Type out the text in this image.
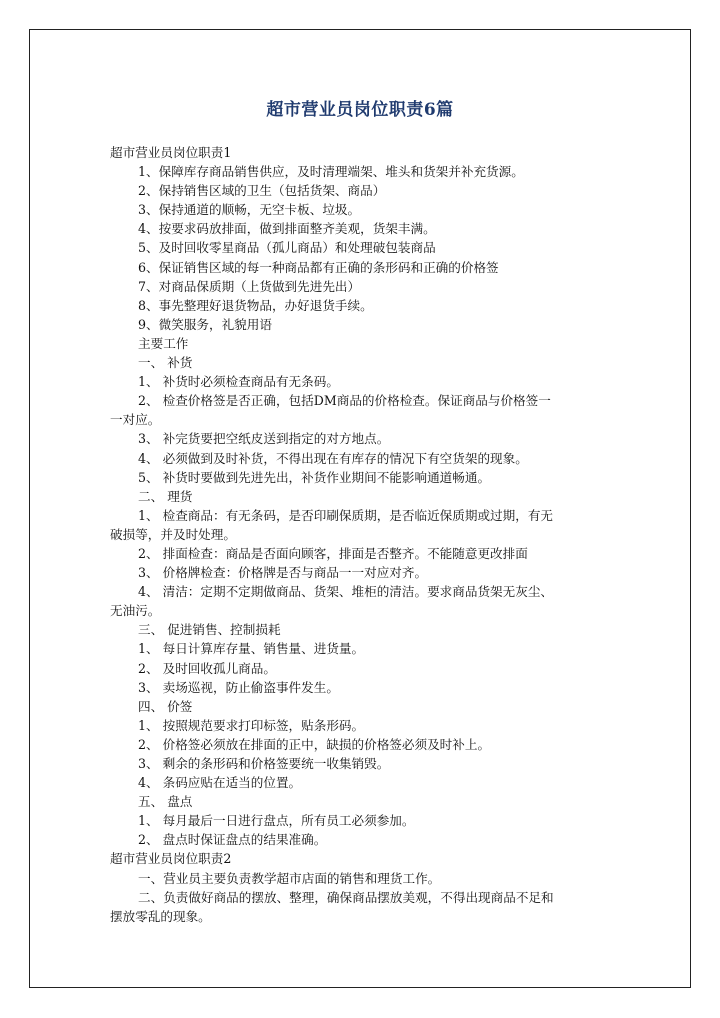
超市营业员岗位职责6篇
超市营业员岗位职责1
1、保障库存商品销售供应，及时清理端架、堆头和货架并补充货源。
2、保持销售区域的卫生（包括货架、商品）
3、保持通道的顺畅，无空卡板、垃圾。
4、按要求码放排面，做到排面整齐美观，货架丰满。
5、及时回收零星商品（孤儿商品）和处理破包装商品
6、保证销售区域的每一种商品都有正确的条形码和正确的价格签
7、对商品保质期（上货做到先进先出）
8、事先整理好退货物品，办好退货手续。
9、微笑服务，礼貌用语
主要工作
一、 补货
1、 补货时必须检查商品有无条码。
2、 检查价格签是否正确，包括DM商品的价格检查。保证商品与价格签一
一对应。
3、 补完货要把空纸皮送到指定的对方地点。
4、 必须做到及时补货，不得出现在有库存的情况下有空货架的现象。
5、 补货时要做到先进先出，补货作业期间不能影响通道畅通。
二、 理货
1、 检查商品：有无条码，是否印刷保质期，是否临近保质期或过期，有无
破损等，并及时处理。
2、 排面检查：商品是否面向顾客，排面是否整齐。不能随意更改排面
3、 价格牌检查：价格牌是否与商品一一对应对齐。
4、 清洁：定期不定期做商品、货架、堆柜的清洁。要求商品货架无灰尘、
无油污。
三、 促进销售、控制损耗
1、 每日计算库存量、销售量、进货量。
2、 及时回收孤儿商品。
3、 卖场巡视，防止偷盗事件发生。
四、 价签
1、 按照规范要求打印标签，贴条形码。
2、 价格签必须放在排面的正中，缺损的价格签必须及时补上。
3、 剩余的条形码和价格签要统一收集销毁。
4、 条码应贴在适当的位置。
五、 盘点
1、 每月最后一日进行盘点，所有员工必须参加。
2、 盘点时保证盘点的结果准确。
超市营业员岗位职责2
一、营业员主要负责教学超市店面的销售和理货工作。
二、负责做好商品的摆放、整理，确保商品摆放美观，不得出现商品不足和
摆放零乱的现象。
